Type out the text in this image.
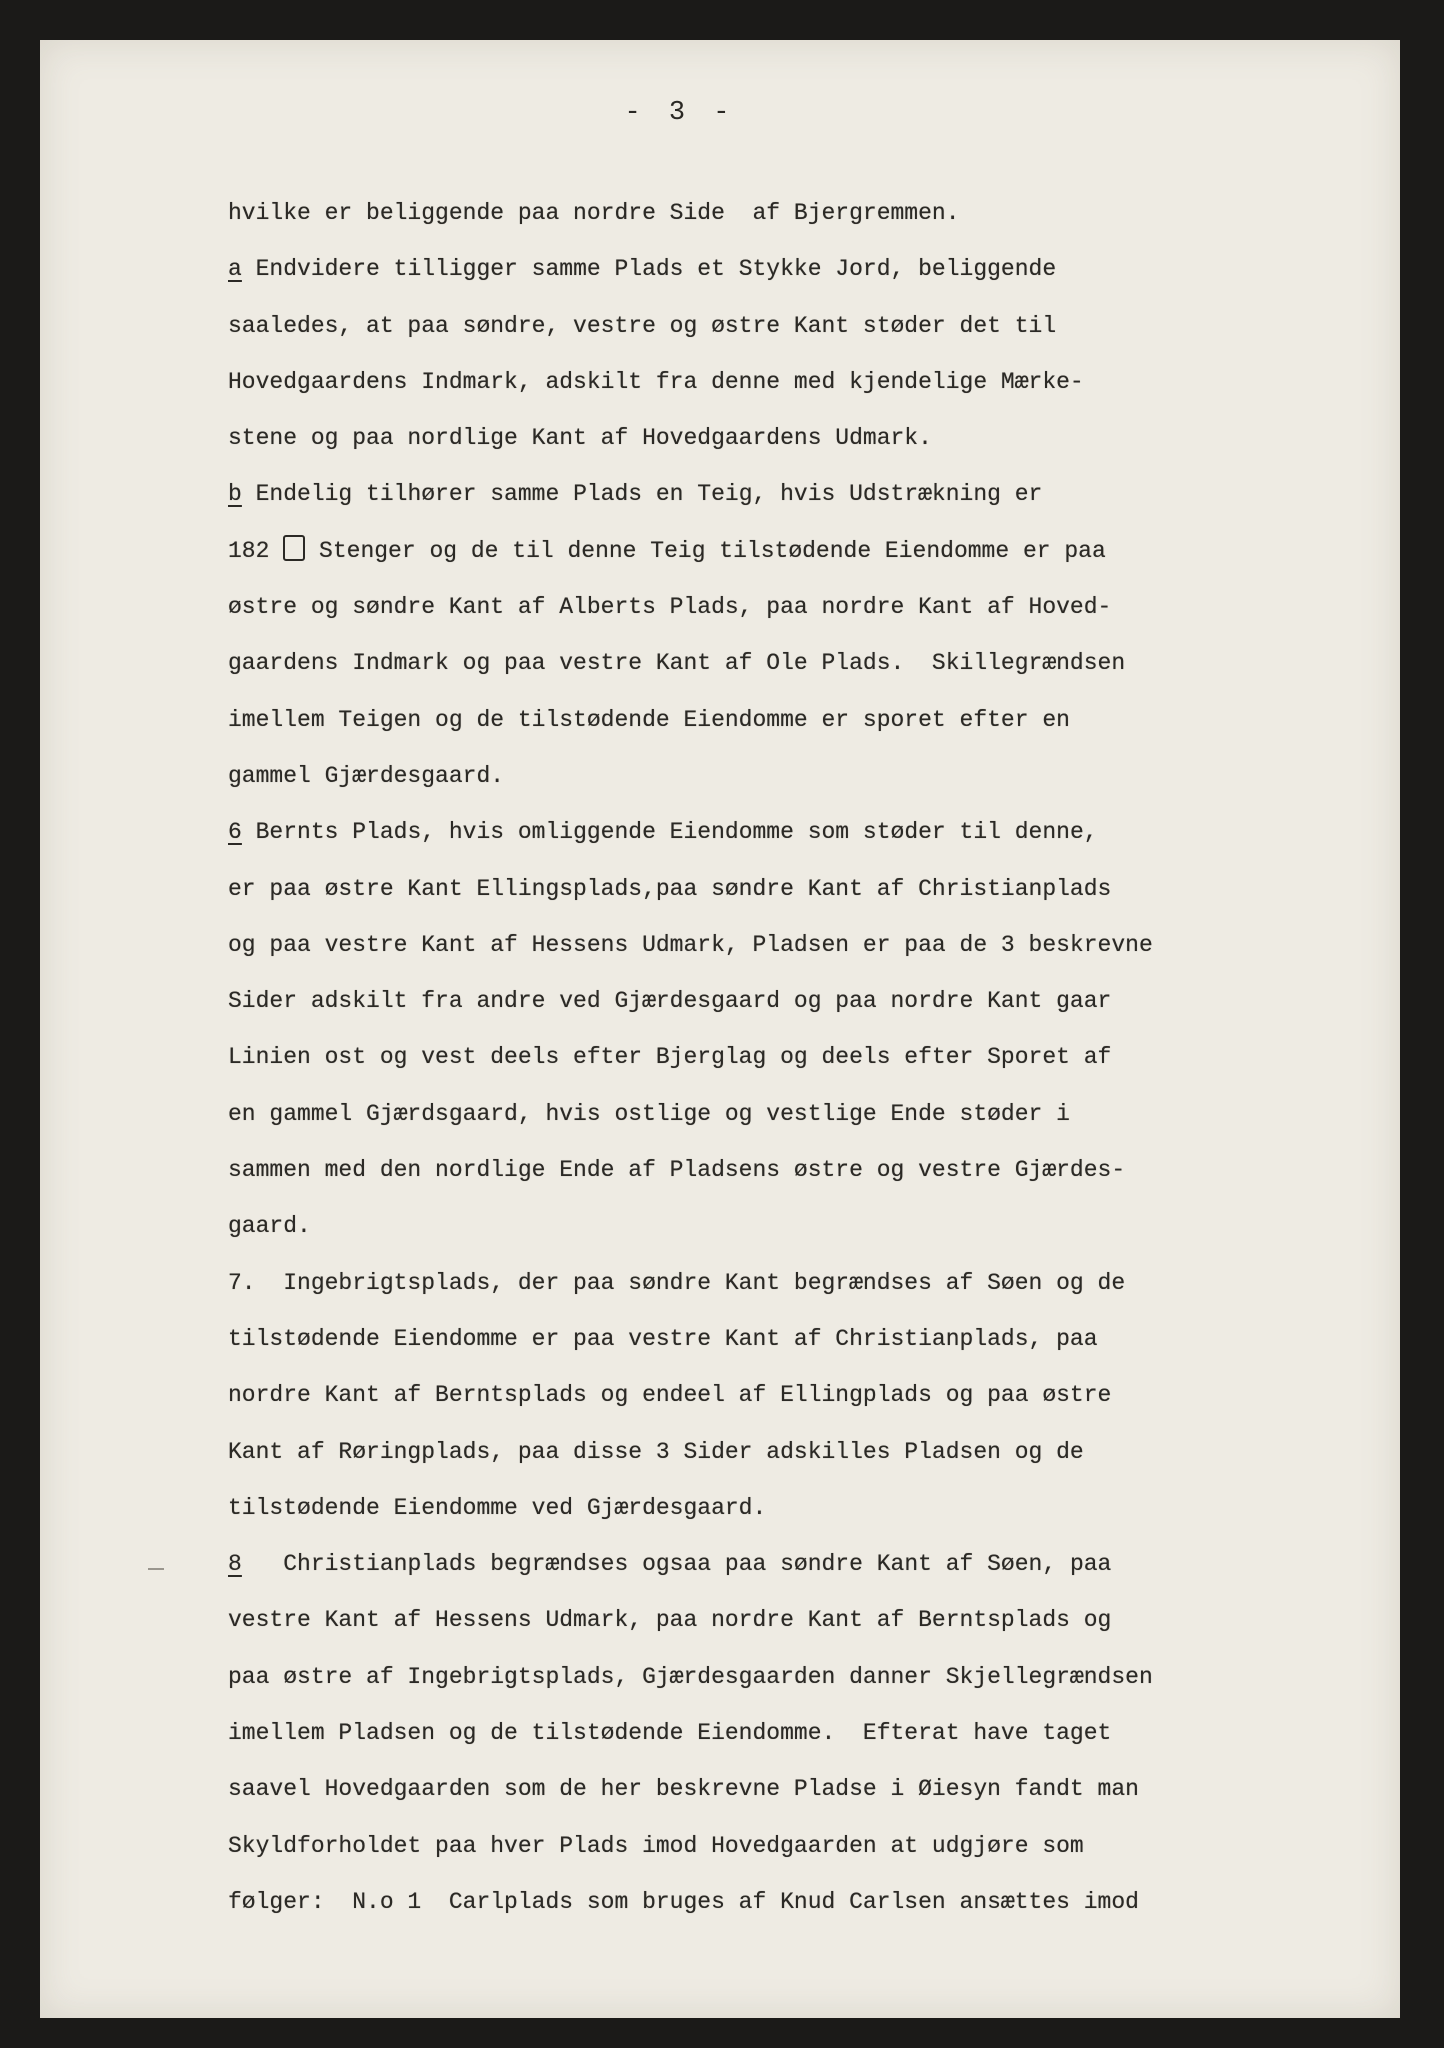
- 3 -
hvilke er beliggende paa nordre Side  af Bjergremmen.
a Endvidere tilligger samme Plads et Stykke Jord, beliggende
saaledes, at paa søndre, vestre og østre Kant støder det til
Hovedgaardens Indmark, adskilt fra denne med kjendelige Mærke-
stene og paa nordlige Kant af Hovedgaardens Udmark.
b Endelig tilhører samme Plads en Teig, hvis Udstrækning er
182  Stenger og de til denne Teig tilstødende Eiendomme er paa
østre og søndre Kant af Alberts Plads, paa nordre Kant af Hoved-
gaardens Indmark og paa vestre Kant af Ole Plads.  Skillegrændsen
imellem Teigen og de tilstødende Eiendomme er sporet efter en
gammel Gjærdesgaard.
6 Bernts Plads, hvis omliggende Eiendomme som støder til denne,
er paa østre Kant Ellingsplads,paa søndre Kant af Christianplads
og paa vestre Kant af Hessens Udmark, Pladsen er paa de 3 beskrevne
Sider adskilt fra andre ved Gjærdesgaard og paa nordre Kant gaar
Linien ost og vest deels efter Bjerglag og deels efter Sporet af
en gammel Gjærdsgaard, hvis ostlige og vestlige Ende støder i
sammen med den nordlige Ende af Pladsens østre og vestre Gjærdes-
gaard.
7.  Ingebrigtsplads, der paa søndre Kant begrændses af Søen og de
tilstødende Eiendomme er paa vestre Kant af Christianplads, paa
nordre Kant af Berntsplads og endeel af Ellingplads og paa østre
Kant af Røringplads, paa disse 3 Sider adskilles Pladsen og de
tilstødende Eiendomme ved Gjærdesgaard.
8   Christianplads begrændses ogsaa paa søndre Kant af Søen, paa
vestre Kant af Hessens Udmark, paa nordre Kant af Berntsplads og
paa østre af Ingebrigtsplads, Gjærdesgaarden danner Skjellegrændsen
imellem Pladsen og de tilstødende Eiendomme.  Efterat have taget
saavel Hovedgaarden som de her beskrevne Pladse i Øiesyn fandt man
Skyldforholdet paa hver Plads imod Hovedgaarden at udgjøre som
følger:  N.o 1  Carlplads som bruges af Knud Carlsen ansættes imod
